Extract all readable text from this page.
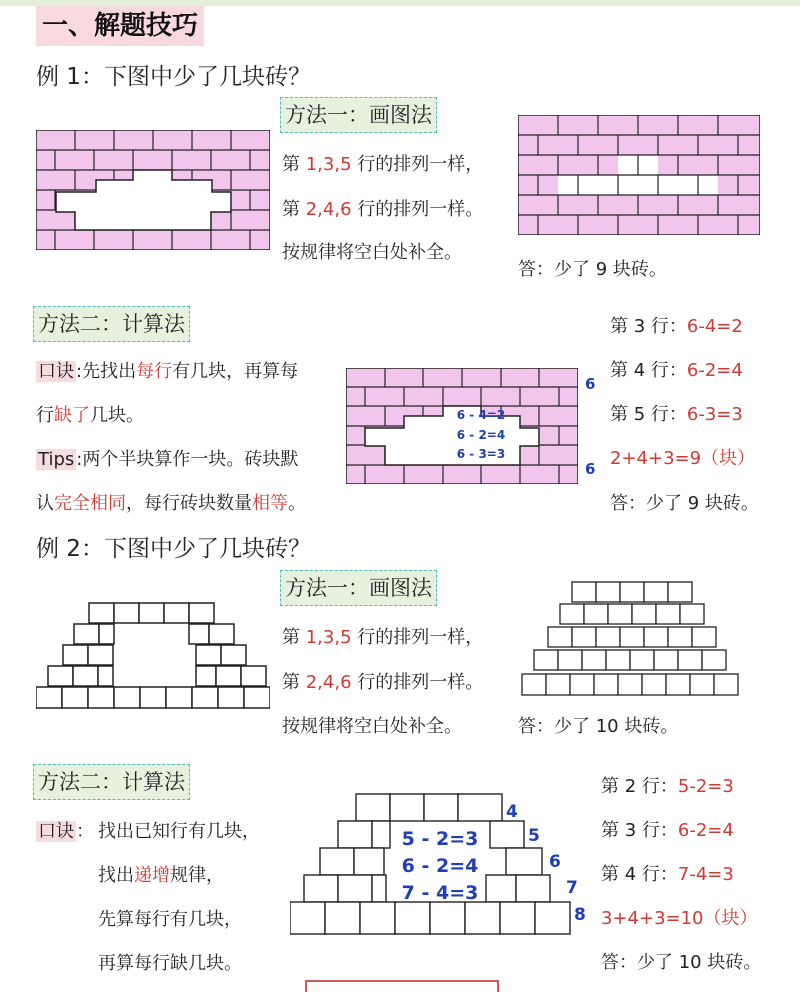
一、解题技巧
例 1：下图中少了几块砖？
方法一：画图法
第 1,3,5 行的排列一样，
第 2,4,6 行的排列一样。
按规律将空白处补全。
答：少了 9 块砖。
方法二：计算法
口诀 :先找出每行有几块，再算每
行缺了几块。
Tips :两个半块算作一块。砖块默
认完全相同，每行砖块数量相等。
6 - 4=2
6 - 2=4
6 - 3=3
6
6
第 3 行：6-4=2
第 4 行：6-2=4
第 5 行：6-3=3
2+4+3=9（块）
答：少了 9 块砖。
例 2：下图中少了几块砖？
方法一：画图法
第 1,3,5 行的排列一样，
第 2,4,6 行的排列一样。
按规律将空白处补全。	答：少了 10 块砖。
方法二：计算法
口诀 ： 找出已知行有几块，
找出递增规律，
先算每行有几块，
再算每行缺几块。
5 - 2=3
6 - 2=4
7 - 4=3
4
5
6
7
8
第 2 行：5-2=3
第 3 行：6-2=4
第 4 行：7-4=3
3+4+3=10（块）
答：少了 10 块砖。
